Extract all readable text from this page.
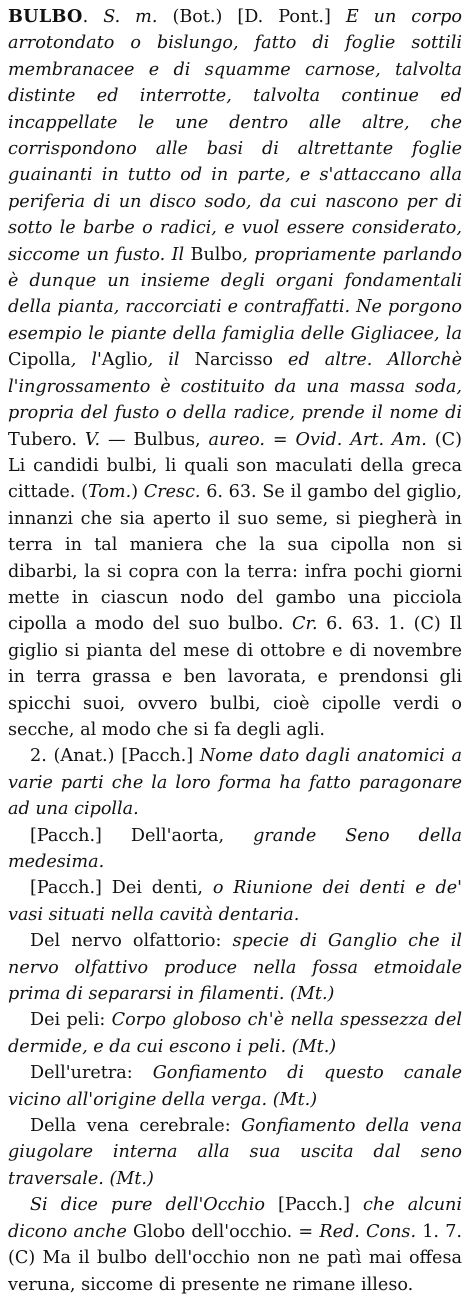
BULBO. S. m. (Bot.) [D. Pont.] E un corpo arrotondato o bislungo, fatto di foglie sottili membranacee e di squamme carnose, talvolta distinte ed interrotte, talvolta continue ed incappellate le une dentro alle altre, che corrispondono alle basi di altrettante foglie guainanti in tutto od in parte, e s'attaccano alla periferia di un disco sodo, da cui nascono per di sotto le barbe o radici, e vuol essere considerato, siccome un fusto. Il Bulbo, propriamente parlando è dunque un insieme degli organi fondamentali della pianta, raccorciati e contraffatti. Ne porgono esempio le piante della famiglia delle Gigliacee, la Cipolla, l'Aglio, il Narcisso ed altre. Allorchè l'ingrossamento è costituito da una massa soda, propria del fusto o della radice, prende il nome di Tubero. V. — Bulbus, aureo. = Ovid. Art. Am. (C) Li candidi bulbi, li quali son maculati della greca cittade. (Tom.) Cresc. 6. 63. Se il gambo del giglio, innanzi che sia aperto il suo seme, si piegherà in terra in tal maniera che la sua cipolla non si dibarbi, la si copra con la terra: infra pochi giorni mette in ciascun nodo del gambo una picciola cipolla a modo del suo bulbo. Cr. 6. 63. 1. (C) Il giglio si pianta del mese di ottobre e di novembre in terra grassa e ben lavorata, e prendonsi gli spicchi suoi, ovvero bulbi, cioè cipolle verdi o secche, al modo che si fa degli agli.

2. (Anat.) [Pacch.] Nome dato dagli anatomici a varie parti che la loro forma ha fatto paragonare ad una cipolla.

[Pacch.] Dell'aorta, grande Seno della medesima.

[Pacch.] Dei denti, o Riunione dei denti e de' vasi situati nella cavità dentaria.

Del nervo olfattorio: specie di Ganglio che il nervo olfattivo produce nella fossa etmoidale prima di separarsi in filamenti. (Mt.)

Dei peli: Corpo globoso ch'è nella spessezza del dermide, e da cui escono i peli. (Mt.)

Dell'uretra: Gonfiamento di questo canale vicino all'origine della verga. (Mt.)

Della vena cerebrale: Gonfiamento della vena giugolare interna alla sua uscita dal seno traversale. (Mt.)

Si dice pure dell'Occhio [Pacch.] che alcuni dicono anche Globo dell'occhio. = Red. Cons. 1. 7. (C) Ma il bulbo dell'occhio non ne patì mai offesa veruna, siccome di presente ne rimane illeso.
